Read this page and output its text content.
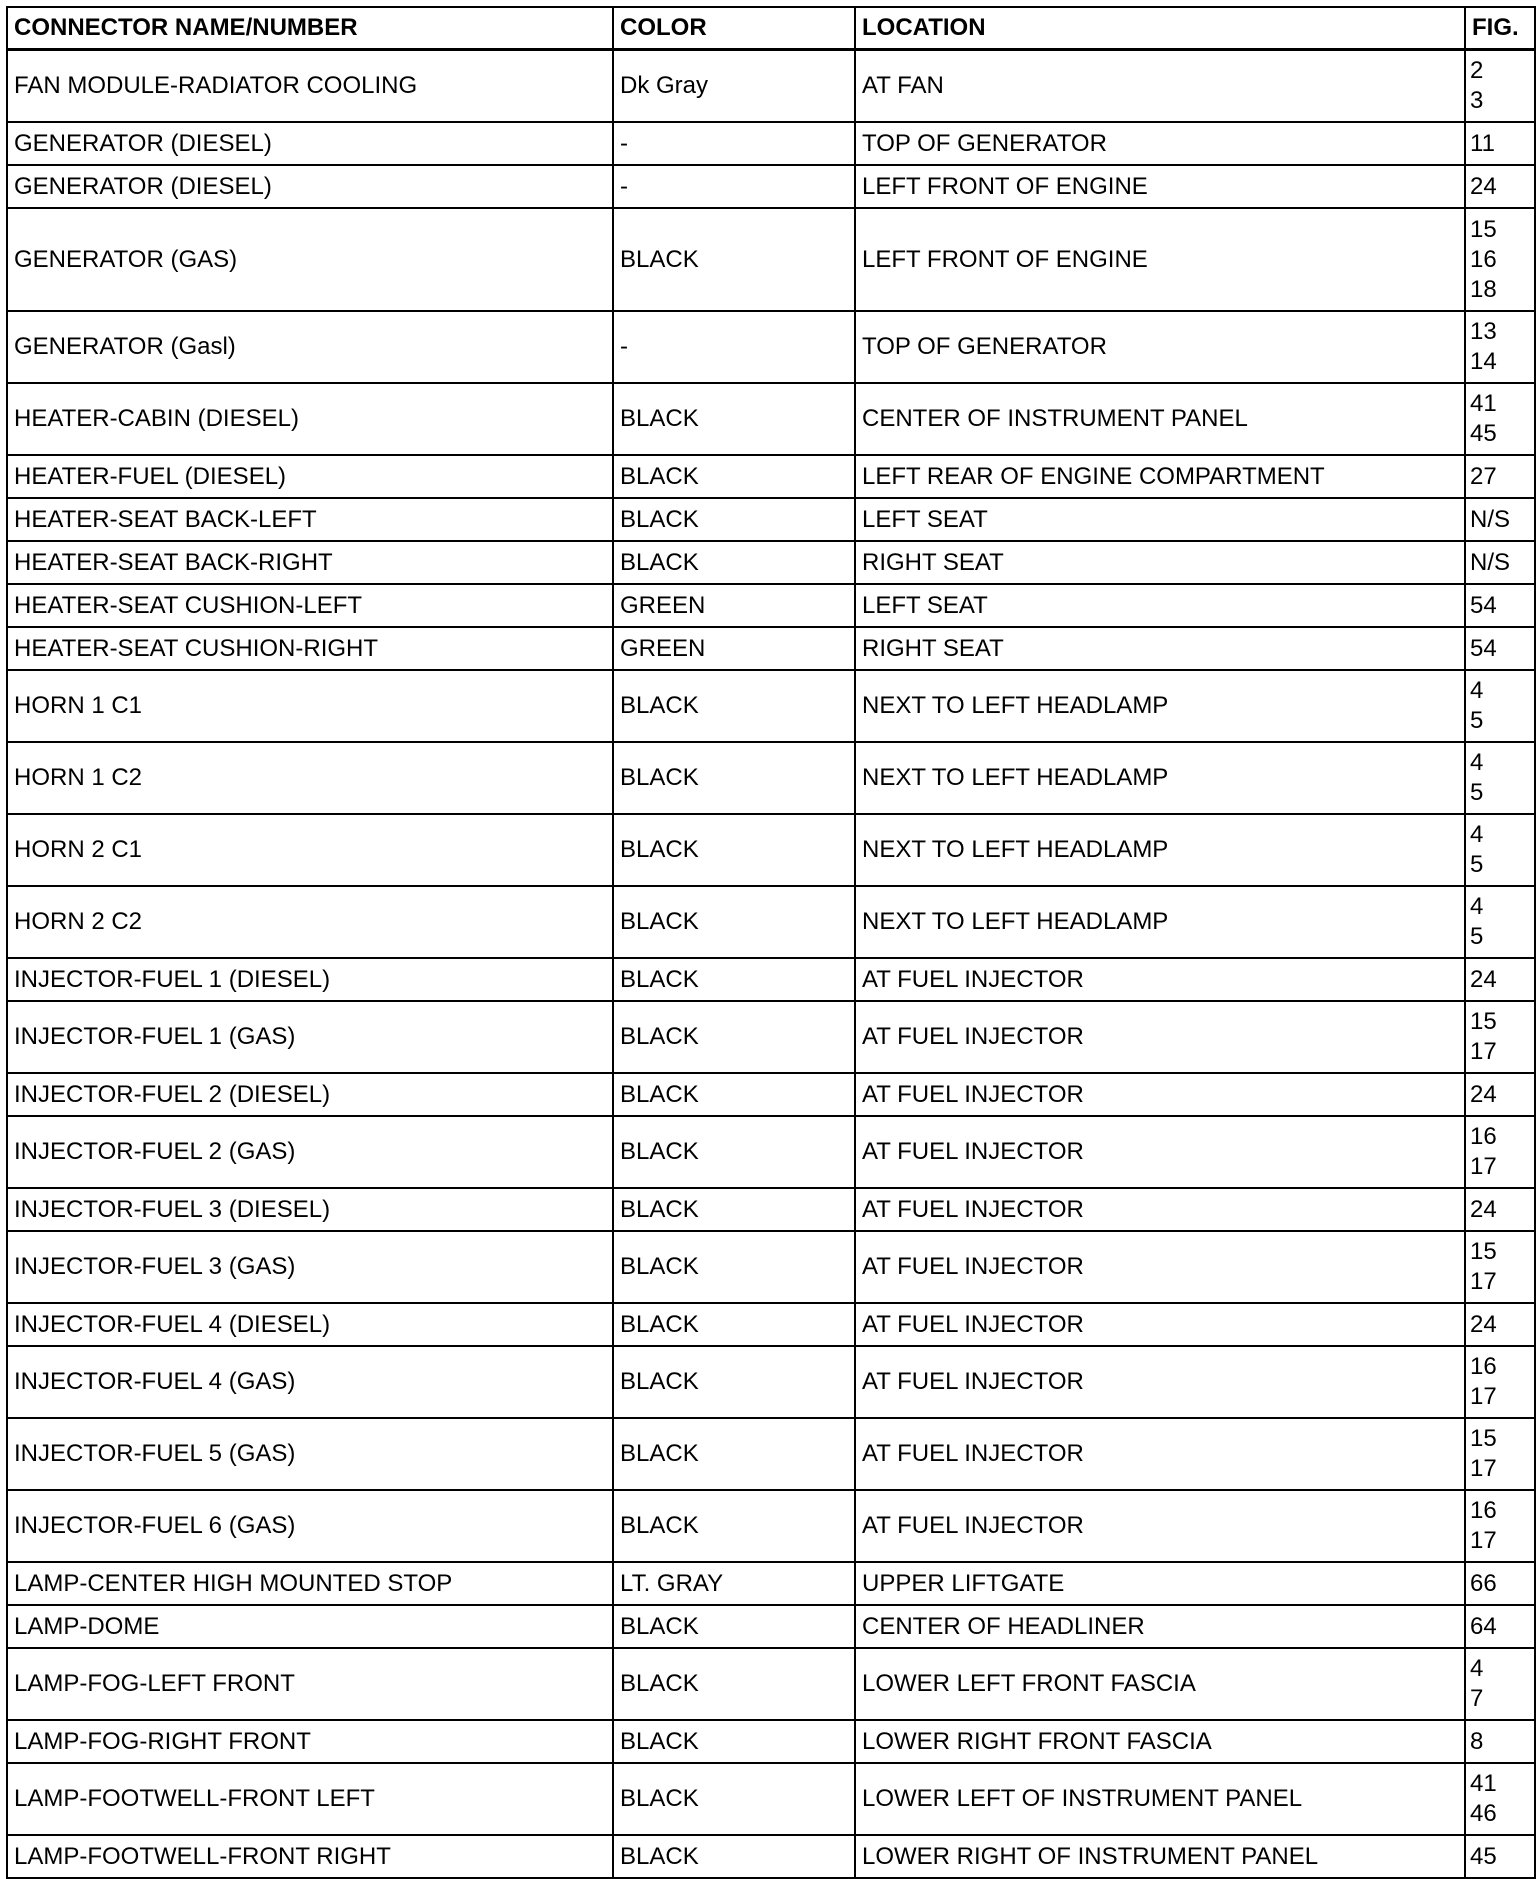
CONNECTOR NAME/NUMBER	COLOR	LOCATION	FIG.
FAN MODULE-RADIATOR COOLING	Dk Gray	AT FAN	2
3

GENERATOR (DIESEL)	-	TOP OF GENERATOR	11

GENERATOR (DIESEL)	-	LEFT FRONT OF ENGINE	24

GENERATOR (GAS)	BLACK	LEFT FRONT OF ENGINE	15
16
18

GENERATOR (Gasl)	-	TOP OF GENERATOR	13
14

HEATER-CABIN (DIESEL)	BLACK	CENTER OF INSTRUMENT PANEL	41
45

HEATER-FUEL (DIESEL)	BLACK	LEFT REAR OF ENGINE COMPARTMENT	27

HEATER-SEAT BACK-LEFT	BLACK	LEFT SEAT	N/S

HEATER-SEAT BACK-RIGHT	BLACK	RIGHT SEAT	N/S

HEATER-SEAT CUSHION-LEFT	GREEN	LEFT SEAT	54

HEATER-SEAT CUSHION-RIGHT	GREEN	RIGHT SEAT	54

HORN 1 C1	BLACK	NEXT TO LEFT HEADLAMP	4
5

HORN 1 C2	BLACK	NEXT TO LEFT HEADLAMP	4
5

HORN 2 C1	BLACK	NEXT TO LEFT HEADLAMP	4
5

HORN 2 C2	BLACK	NEXT TO LEFT HEADLAMP	4
5

INJECTOR-FUEL 1 (DIESEL)	BLACK	AT FUEL INJECTOR	24

INJECTOR-FUEL 1 (GAS)	BLACK	AT FUEL INJECTOR	15
17

INJECTOR-FUEL 2 (DIESEL)	BLACK	AT FUEL INJECTOR	24

INJECTOR-FUEL 2 (GAS)	BLACK	AT FUEL INJECTOR	16
17

INJECTOR-FUEL 3 (DIESEL)	BLACK	AT FUEL INJECTOR	24

INJECTOR-FUEL 3 (GAS)	BLACK	AT FUEL INJECTOR	15
17

INJECTOR-FUEL 4 (DIESEL)	BLACK	AT FUEL INJECTOR	24

INJECTOR-FUEL 4 (GAS)	BLACK	AT FUEL INJECTOR	16
17

INJECTOR-FUEL 5 (GAS)	BLACK	AT FUEL INJECTOR	15
17

INJECTOR-FUEL 6 (GAS)	BLACK	AT FUEL INJECTOR	16
17

LAMP-CENTER HIGH MOUNTED STOP	LT. GRAY	UPPER LIFTGATE	66

LAMP-DOME	BLACK	CENTER OF HEADLINER	64

LAMP-FOG-LEFT FRONT	BLACK	LOWER LEFT FRONT FASCIA	4
7

LAMP-FOG-RIGHT FRONT	BLACK	LOWER RIGHT FRONT FASCIA	8

LAMP-FOOTWELL-FRONT LEFT	BLACK	LOWER LEFT OF INSTRUMENT PANEL	41
46

LAMP-FOOTWELL-FRONT RIGHT	BLACK	LOWER RIGHT OF INSTRUMENT PANEL	45
